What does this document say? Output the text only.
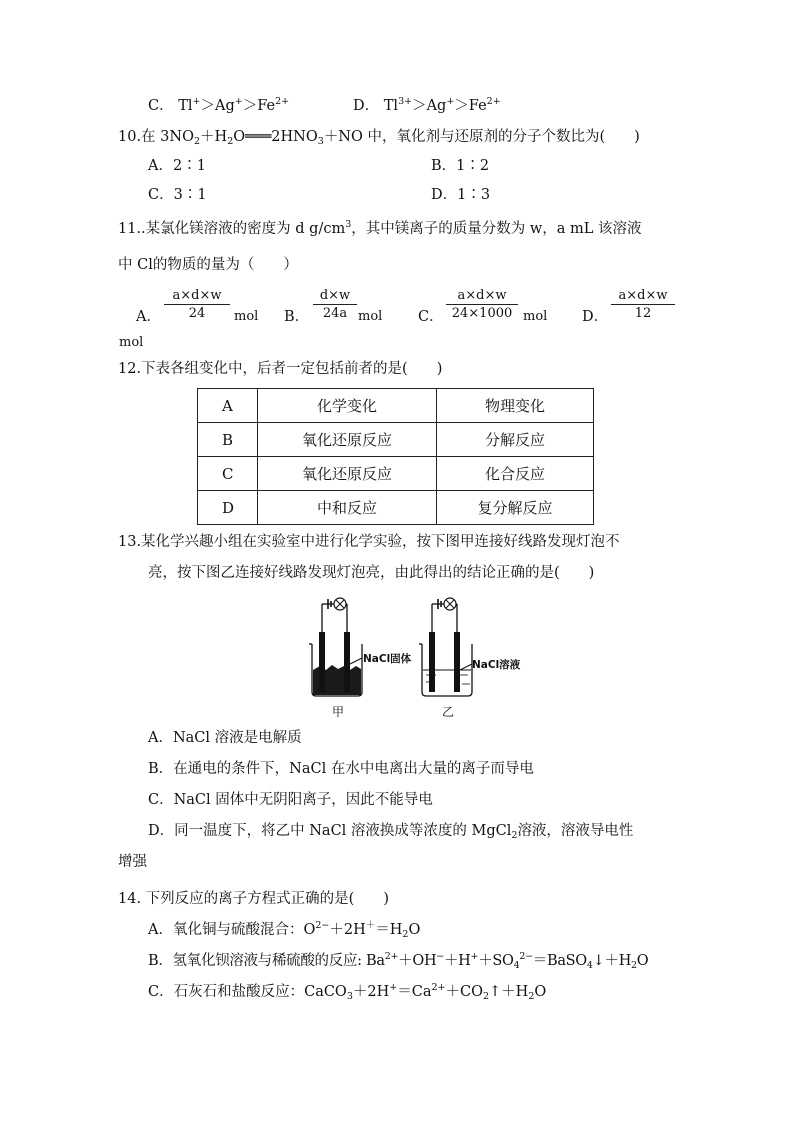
C． $Tl^+>Ag^+>Fe^{2+}$	D． $Tl^{3+}>Ag^+>Fe^{2+}$
10.在 $3NO_2+H_2O═══2HNO_3+NO$ 中，氧化剂与还原剂的分子个数比为(　　)
A．2∶1	B．1∶2
C．3∶1	D．1∶3
11..某氯化镁溶液的密度为 d $g/cm^3$，其中镁离子的质量分数为 w，a mL 该溶液
中 Cl的物质的量为（　　）
A． $\frac{a\times d\times w}{24}$ mol B． $\frac{d\times w}{24a}$ mol C． $\frac{a\times d\times w}{24\times 1000}$ mol D． $\frac{a\times d\times w}{12}$
mol
12.下表各组变化中，后者一定包括前者的是(　　)
A	化学变化	物理变化
B	氧化还原反应	分解反应
C	氧化还原反应	化合反应
D	中和反应	复分解反应
13.某化学兴趣小组在实验室中进行化学实验，按下图甲连接好线路发现灯泡不
亮，按下图乙连接好线路发现灯泡亮，由此得出的结论正确的是(　　)
NaCl固体
甲
NaCl溶液
乙
A．NaCl 溶液是电解质
B．在通电的条件下，NaCl 在水中电离出大量的离子而导电
C．NaCl 固体中无阴阳离子，因此不能导电
D．同一温度下，将乙中 NaCl 溶液换成等浓度的 MgCl$_2$溶液，溶液导电性
增强
14. 下列反应的离子方程式正确的是(　　)
A．氧化铜与硫酸混合：$O^{2-}+2H^+=H_2O$
B．氢氧化钡溶液与稀硫酸的反应: $Ba^{2+}+OH^-+H^++SO_4^{2-}=BaSO_4↓+H_2O$
C．石灰石和盐酸反应：$CaCO_3+2H^+=Ca^{2+}+CO_2↑+H_2O$
